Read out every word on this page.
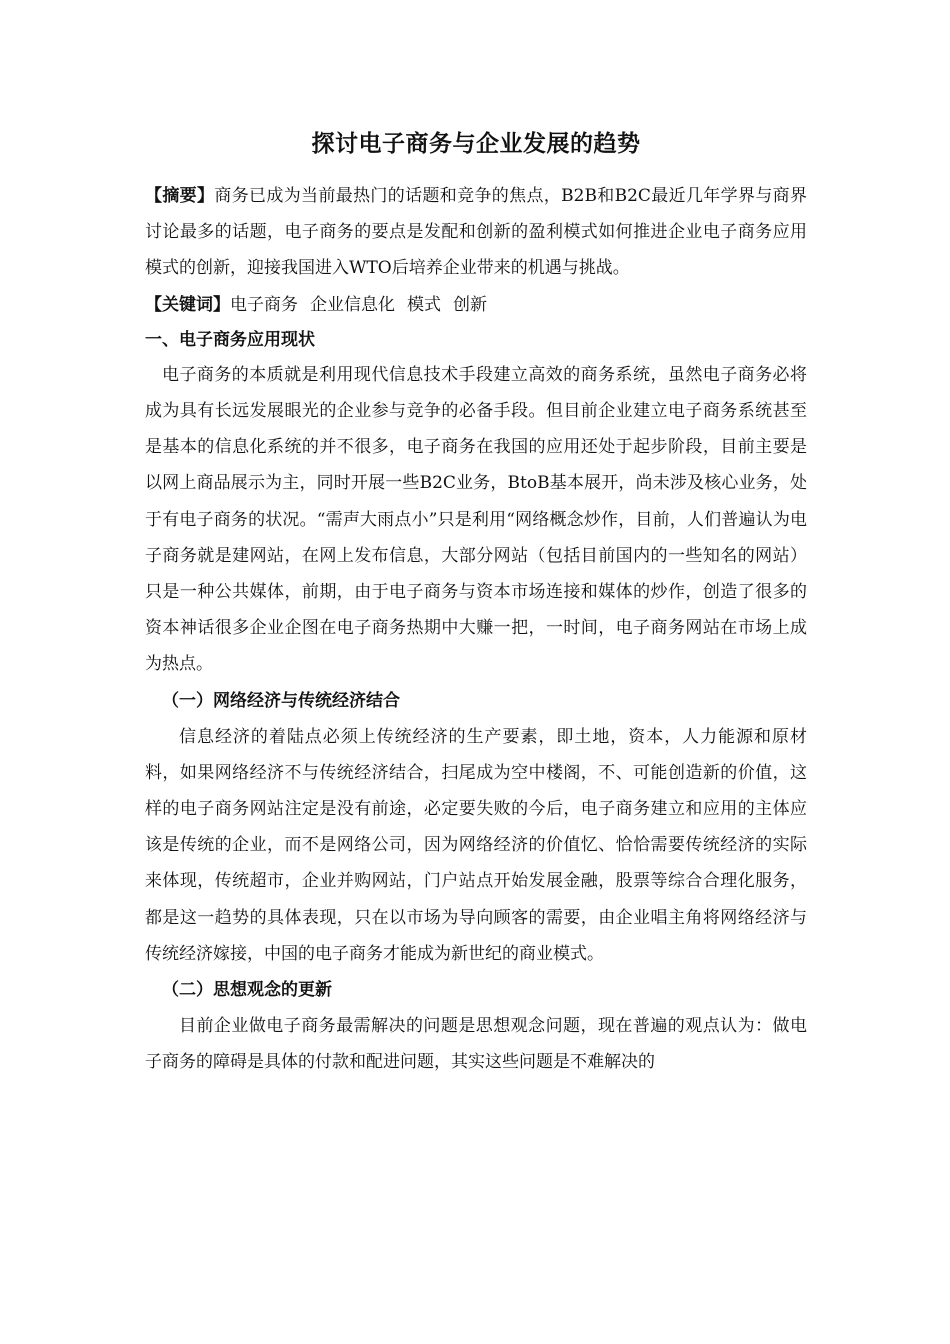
探讨电子商务与企业发展的趋势

【摘要】商务已成为当前最热门的话题和竞争的焦点，B2B和B2C最近几年学界与商界讨论最多的话题，电子商务的要点是发配和创新的盈利模式如何推进企业电子商务应用模式的创新，迎接我国进入WTO后培养企业带来的机遇与挑战。

【关键词】电子商务 企业信息化 模式 创新

一、电子商务应用现状

电子商务的本质就是利用现代信息技术手段建立高效的商务系统，虽然电子商务必将成为具有长远发展眼光的企业参与竞争的必备手段。但目前企业建立电子商务系统甚至是基本的信息化系统的并不很多，电子商务在我国的应用还处于起步阶段，目前主要是以网上商品展示为主，同时开展一些B2C业务，BtoB基本展开，尚未涉及核心业务，处于有电子商务的状况。“需声大雨点小”只是利用“网络概念炒作，目前，人们普遍认为电子商务就是建网站，在网上发布信息，大部分网站（包括目前国内的一些知名的网站）只是一种公共媒体，前期，由于电子商务与资本市场连接和媒体的炒作，创造了很多的资本神话很多企业企图在电子商务热期中大赚一把，一时间，电子商务网站在市场上成为热点。

（一）网络经济与传统经济结合

信息经济的着陆点必须上传统经济的生产要素，即土地，资本，人力能源和原材料，如果网络经济不与传统经济结合，扫尾成为空中楼阁，不、可能创造新的价值，这样的电子商务网站注定是没有前途，必定要失败的今后，电子商务建立和应用的主体应该是传统的企业，而不是网络公司，因为网络经济的价值忆、恰恰需要传统经济的实际来体现，传统超市，企业并购网站，门户站点开始发展金融，股票等综合合理化服务，都是这一趋势的具体表现，只在以市场为导向顾客的需要，由企业唱主角将网络经济与传统经济嫁接，中国的电子商务才能成为新世纪的商业模式。

（二）思想观念的更新

目前企业做电子商务最需解决的问题是思想观念问题，现在普遍的观点认为：做电子商务的障碍是具体的付款和配进问题，其实这些问题是不难解决的
